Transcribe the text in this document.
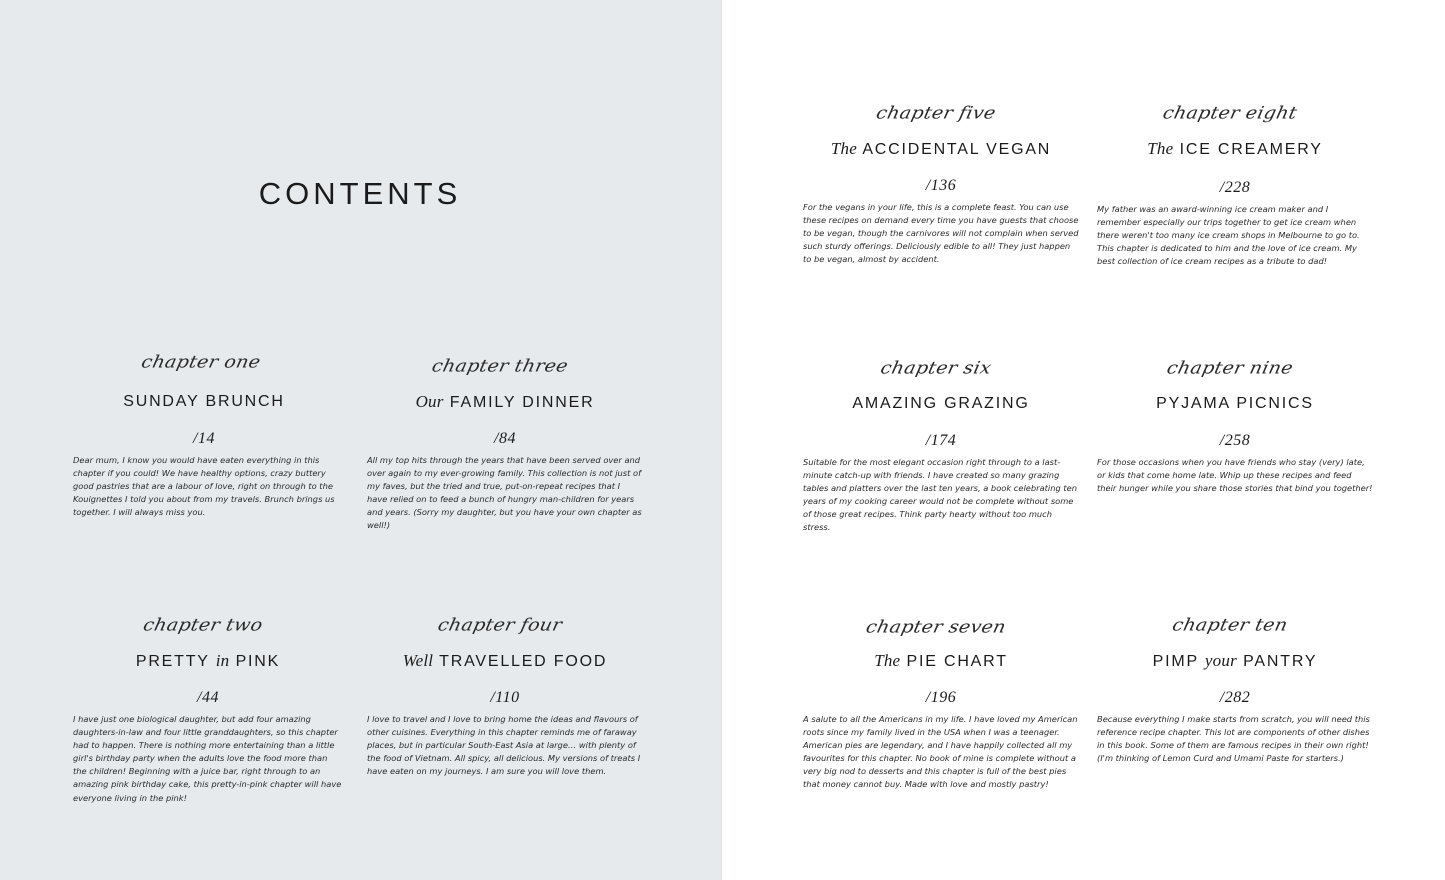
CONTENTS
chapter one
SUNDAY BRUNCH
/14
Dear mum, I know you would have eaten everything in this chapter if you could! We have healthy options, crazy buttery good pastries that are a labour of love, right on through to the Kouignettes I told you about from my travels. Brunch brings us together. I will always miss you.
chapter three
Our FAMILY DINNER
/84
All my top hits through the years that have been served over and over again to my ever-growing family. This collection is not just of my faves, but the tried and true, put-on-repeat recipes that I have relied on to feed a bunch of hungry man-children for years and years. (Sorry my daughter, but you have your own chapter as well!)
chapter two
PRETTY in PINK
/44
I have just one biological daughter, but add four amazing daughters-in-law and four little granddaughters, so this chapter had to happen. There is nothing more entertaining than a little girl's birthday party when the adults love the food more than the children! Beginning with a juice bar, right through to an amazing pink birthday cake, this pretty-in-pink chapter will have everyone living in the pink!
chapter four
Well TRAVELLED FOOD
/110
I love to travel and I love to bring home the ideas and flavours of other cuisines. Everything in this chapter reminds me of faraway places, but in particular South-East Asia at large… with plenty of the food of Vietnam. All spicy, all delicious. My versions of treats I have eaten on my journeys. I am sure you will love them.
chapter five
The ACCIDENTAL VEGAN
/136
For the vegans in your life, this is a complete feast. You can use these recipes on demand every time you have guests that choose to be vegan, though the carnivores will not complain when served such sturdy offerings. Deliciously edible to all! They just happen to be vegan, almost by accident.
chapter eight
The ICE CREAMERY
/228
My father was an award-winning ice cream maker and I remember especially our trips together to get ice cream when there weren't too many ice cream shops in Melbourne to go to. This chapter is dedicated to him and the love of ice cream. My best collection of ice cream recipes as a tribute to dad!
chapter six
AMAZING GRAZING
/174
Suitable for the most elegant occasion right through to a last-minute catch-up with friends. I have created so many grazing tables and platters over the last ten years, a book celebrating ten years of my cooking career would not be complete without some of those great recipes. Think party hearty without too much stress.
chapter nine
PYJAMA PICNICS
/258
For those occasions when you have friends who stay (very) late, or kids that come home late. Whip up these recipes and feed their hunger while you share those stories that bind you together!
chapter seven
The PIE CHART
/196
A salute to all the Americans in my life. I have loved my American roots since my family lived in the USA when I was a teenager. American pies are legendary, and I have happily collected all my favourites for this chapter. No book of mine is complete without a very big nod to desserts and this chapter is full of the best pies that money cannot buy. Made with love and mostly pastry!
chapter ten
PIMP your PANTRY
/282
Because everything I make starts from scratch, you will need this reference recipe chapter. This lot are components of other dishes in this book. Some of them are famous recipes in their own right! (I'm thinking of Lemon Curd and Umami Paste for starters.)
